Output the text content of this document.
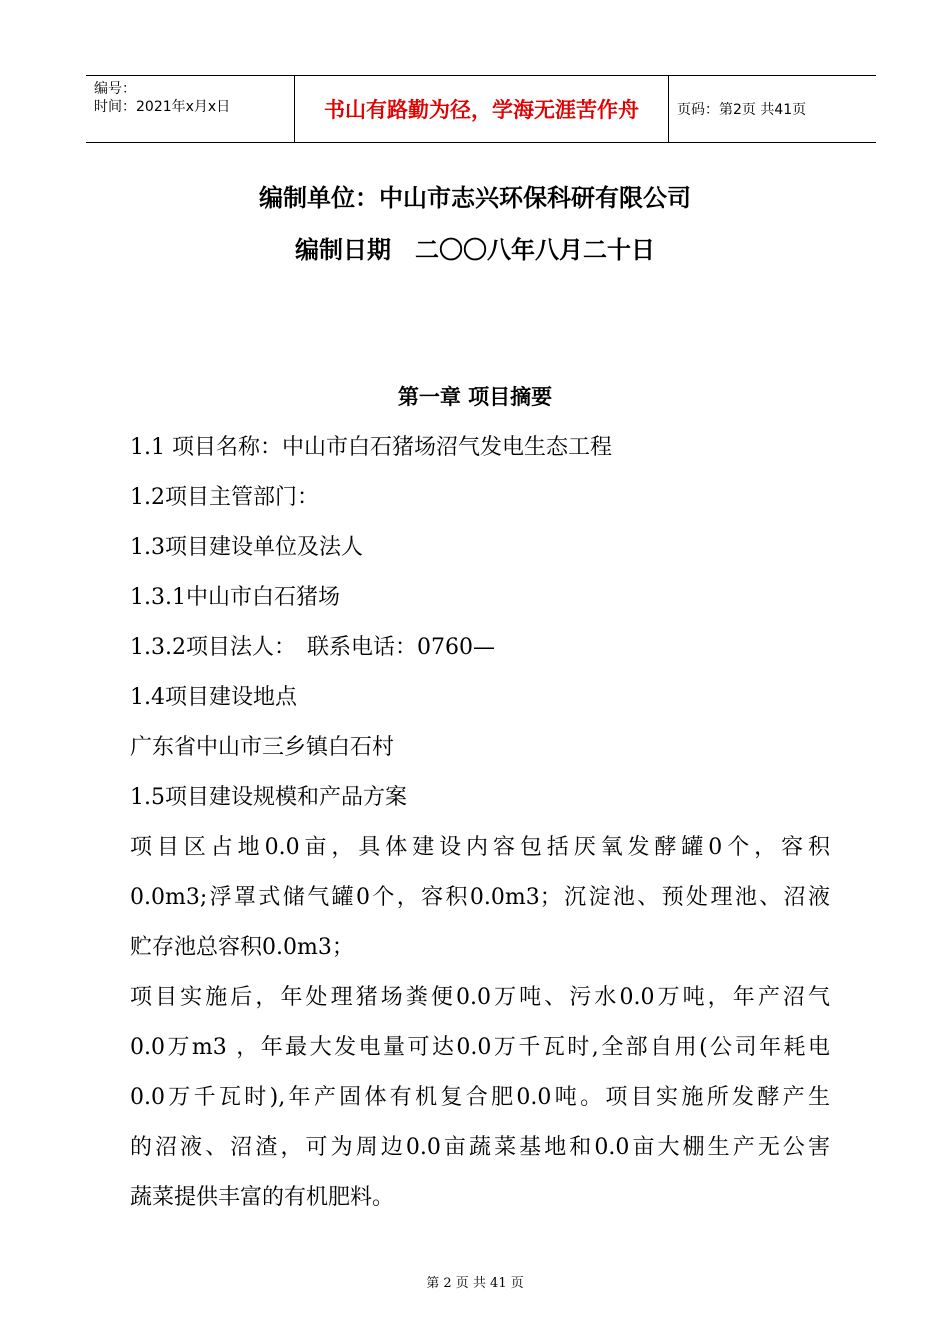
编号：
时间：2021年x月x日	书山有路勤为径，学海无涯苦作舟	页码：第2页 共41页
编制单位：中山市志兴环保科研有限公司
编制日期　二〇〇八年八月二十日
第一章 项目摘要
1.1 项目名称：中山市白石猪场沼气发电生态工程
1.2项目主管部门：
1.3项目建设单位及法人
1.3.1中山市白石猪场
1.3.2项目法人：　联系电话：0760—
1.4项目建设地点
广东省中山市三乡镇白石村
1.5项目建设规模和产品方案
项目区占地0.0亩，具体建设内容包括厌氧发酵罐0个，容积
0.0m3;浮罩式储气罐0个，容积0.0m3；沉淀池、预处理池、沼液
贮存池总容积0.0m3；
项目实施后，年处理猪场粪便0.0万吨、污水0.0万吨，年产沼气
0.0万m3 ，年最大发电量可达0.0万千瓦时,全部自用(公司年耗电
0.0万千瓦时),年产固体有机复合肥0.0吨。项目实施所发酵产生
的沼液、沼渣，可为周边0.0亩蔬菜基地和0.0亩大棚生产无公害
蔬菜提供丰富的有机肥料。
第 2 页 共 41 页
